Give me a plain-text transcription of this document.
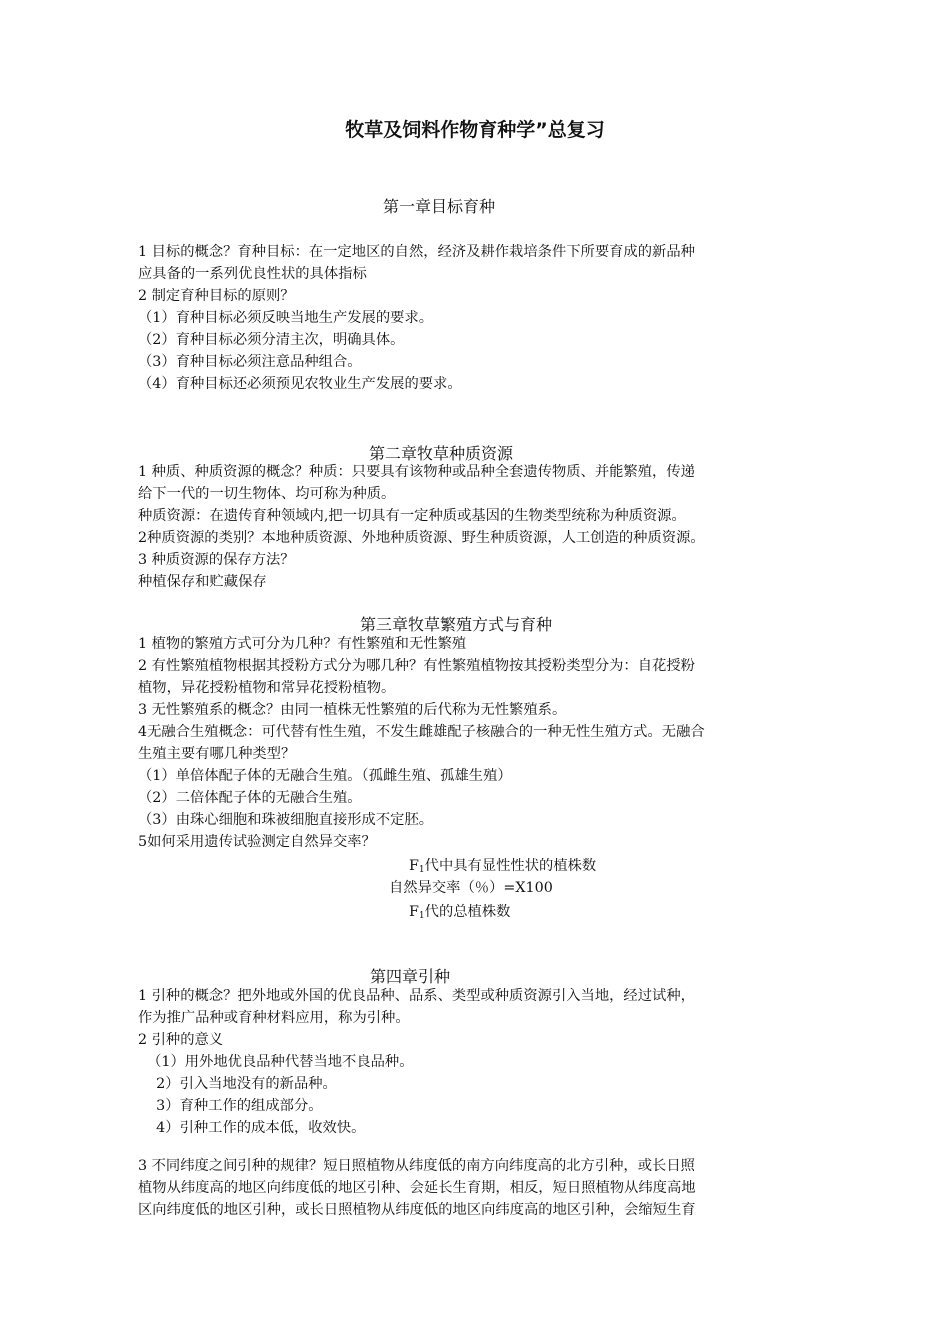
牧草及饲料作物育种学”总复习
第一章目标育种
1 目标的概念？育种目标：在一定地区的自然，经济及耕作栽培条件下所要育成的新品种
应具备的一系列优良性状的具体指标
2 制定育种目标的原则？
（1）育种目标必须反映当地生产发展的要求。
（2）育种目标必须分清主次，明确具体。
（3）育种目标必须注意品种组合。
（4）育种目标还必须预见农牧业生产发展的要求。
第二章牧草种质资源
1 种质、种质资源的概念？种质：只要具有该物种或品种全套遗传物质、并能繁殖，传递
给下一代的一切生物体、均可称为种质。
种质资源：在遗传育种领域内,把一切具有一定种质或基因的生物类型统称为种质资源。
2种质资源的类别？本地种质资源、外地种质资源、野生种质资源，人工创造的种质资源。
3 种质资源的保存方法？
种植保存和贮藏保存
第三章牧草繁殖方式与育种
1 植物的繁殖方式可分为几种？有性繁殖和无性繁殖
2 有性繁殖植物根据其授粉方式分为哪几种？有性繁殖植物按其授粉类型分为：自花授粉
植物，异花授粉植物和常异花授粉植物。
3 无性繁殖系的概念？由同一植株无性繁殖的后代称为无性繁殖系。
4无融合生殖概念：可代替有性生殖，不发生雌雄配子核融合的一种无性生殖方式。无融合
生殖主要有哪几种类型？
（1）单倍体配子体的无融合生殖。（孤雌生殖、孤雄生殖）
（2）二倍体配子体的无融合生殖。
（3）由珠心细胞和珠被细胞直接形成不定胚。
5如何采用遗传试验测定自然异交率？
$F_1$代中具有显性性状的植株数
自然异交率（％）=X100
$F_1$代的总植株数
第四章引种
1 引种的概念？把外地或外国的优良品种、品系、类型或种质资源引入当地，经过试种，
作为推广品种或育种材料应用，称为引种。
2 引种的意义
（1）用外地优良品种代替当地不良品种。
2）引入当地没有的新品种。
3）育种工作的组成部分。
4）引种工作的成本低，收效快。
3 不同纬度之间引种的规律？短日照植物从纬度低的南方向纬度高的北方引种，或长日照
植物从纬度高的地区向纬度低的地区引种、会延长生育期，相反，短日照植物从纬度高地
区向纬度低的地区引种，或长日照植物从纬度低的地区向纬度高的地区引种，会缩短生育
